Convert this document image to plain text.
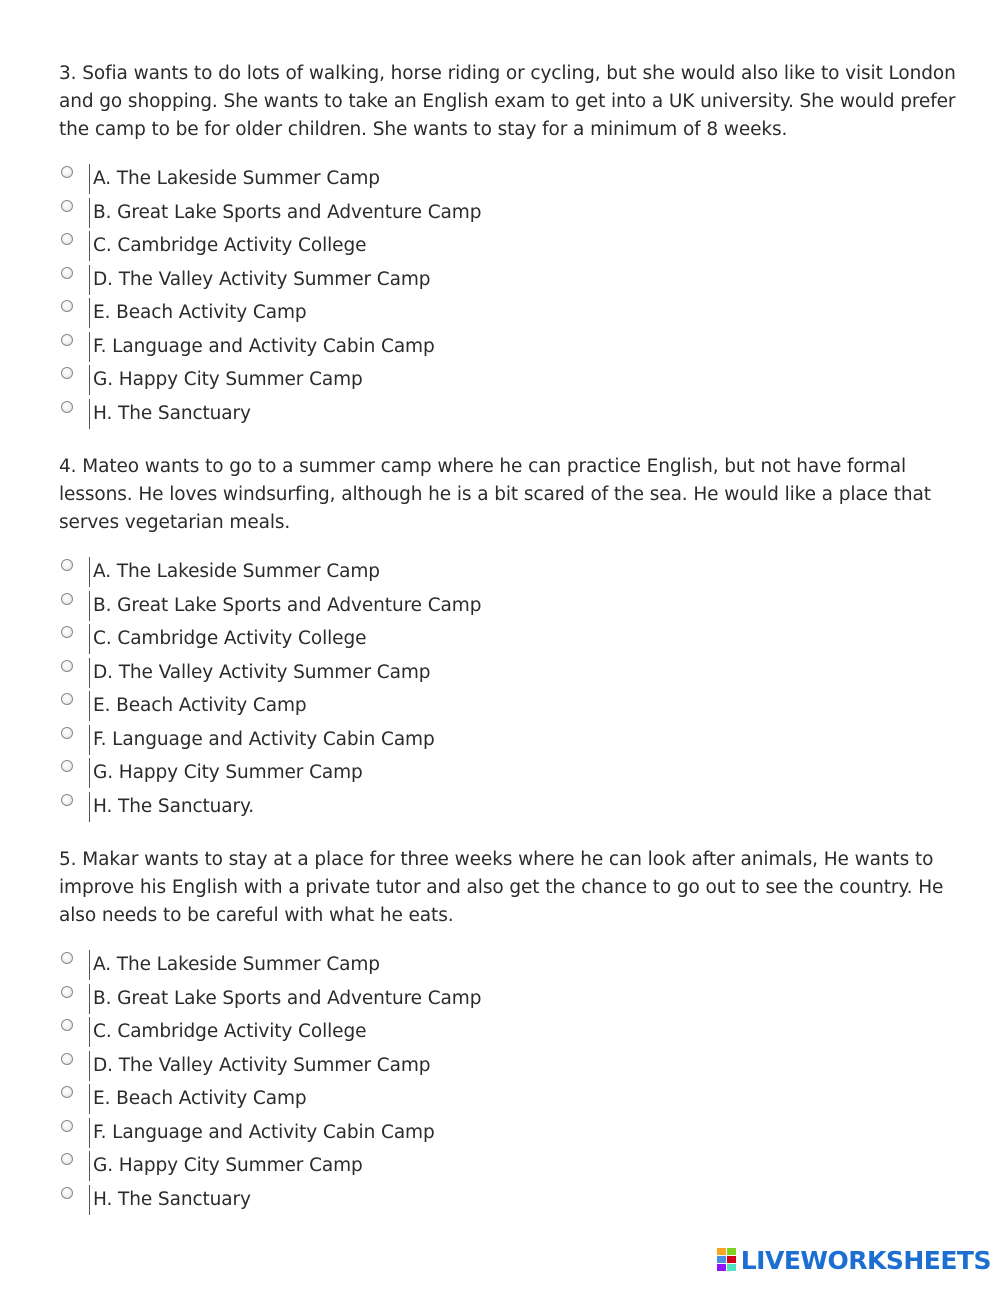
3. Sofia wants to do lots of walking, horse riding or cycling, but she would also like to visit London and go shopping. She wants to take an English exam to get into a UK university. She would prefer the camp to be for older children. She wants to stay for a minimum of 8 weeks.

A. The Lakeside Summer Camp
B. Great Lake Sports and Adventure Camp
C. Cambridge Activity College
D. The Valley Activity Summer Camp
E. Beach Activity Camp
F. Language and Activity Cabin Camp
G. Happy City Summer Camp
H. The Sanctuary

4. Mateo wants to go to a summer camp where he can practice English, but not have formal lessons. He loves windsurfing, although he is a bit scared of the sea. He would like a place that serves vegetarian meals.

A. The Lakeside Summer Camp
B. Great Lake Sports and Adventure Camp
C. Cambridge Activity College
D. The Valley Activity Summer Camp
E. Beach Activity Camp
F. Language and Activity Cabin Camp
G. Happy City Summer Camp
H. The Sanctuary.

5. Makar wants to stay at a place for three weeks where he can look after animals, He wants to improve his English with a private tutor and also get the chance to go out to see the country. He also needs to be careful with what he eats.

A. The Lakeside Summer Camp
B. Great Lake Sports and Adventure Camp
C. Cambridge Activity College
D. The Valley Activity Summer Camp
E. Beach Activity Camp
F. Language and Activity Cabin Camp
G. Happy City Summer Camp
H. The Sanctuary
LIVEWORKSHEETS
